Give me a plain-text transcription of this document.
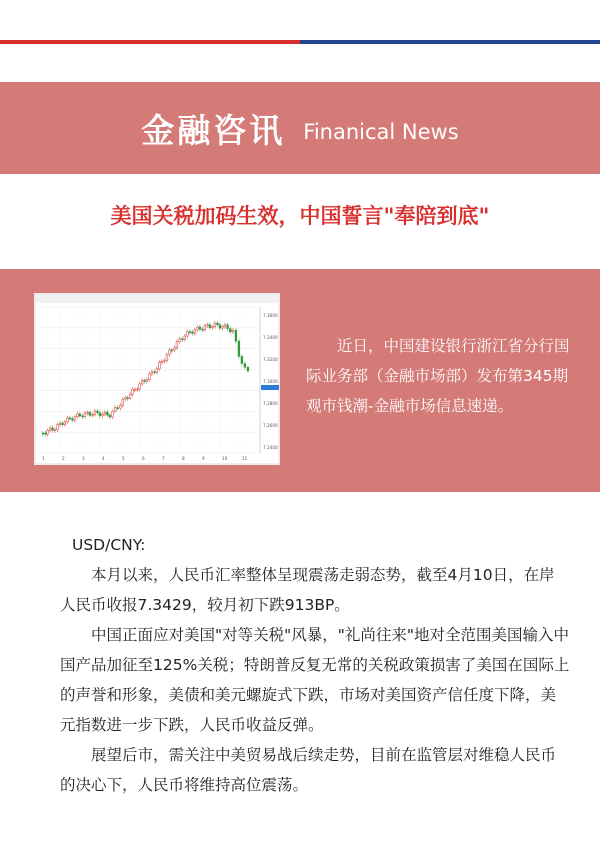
金融咨讯 Finanical News
美国关税加码生效，中国誓言"奉陪到底"
7.3600
7.3400
7.3200
7.3000
7.2800
7.2600
7.2400
1	2	3	4	5	6	7	8	9	10	11
近日，中国建设银行浙江省分行国际业务部（金融市场部）发布第345期观市钱潮-金融市场信息速递。

USD/CNY:

本月以来，人民币汇率整体呈现震荡走弱态势，截至4月10日，在岸人民币收报7.3429，较月初下跌913BP。

中国正面应对美国"对等关税"风暴，"礼尚往来"地对全范围美国输入中国产品加征至125%关税；特朗普反复无常的关税政策损害了美国在国际上的声誉和形象，美债和美元螺旋式下跌，市场对美国资产信任度下降，美元指数进一步下跌，人民币收益反弹。

展望后市，需关注中美贸易战后续走势，目前在监管层对维稳人民币的决心下，人民币将维持高位震荡。
